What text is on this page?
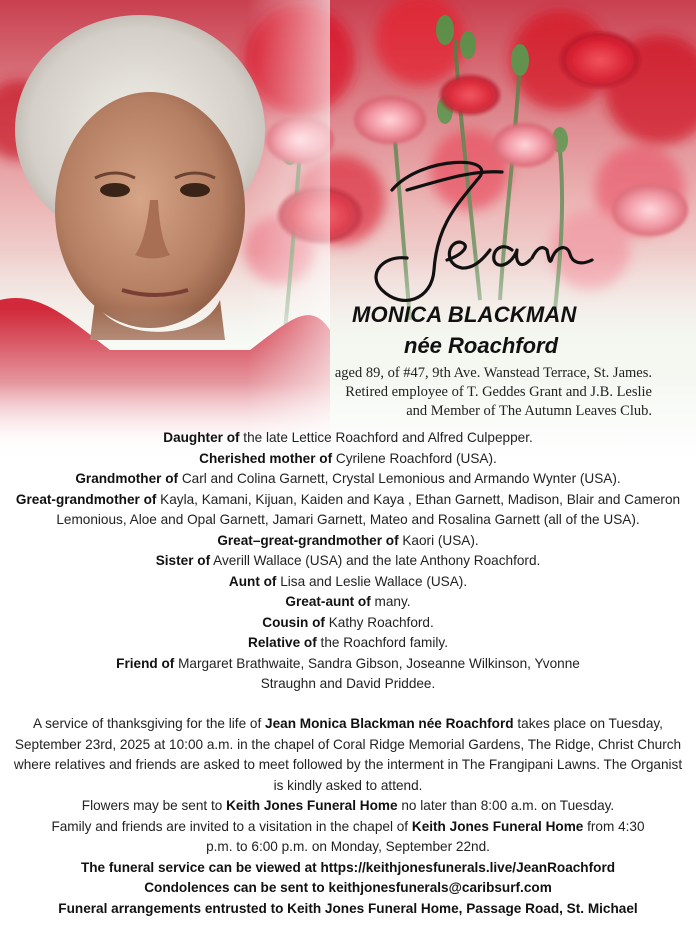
MONICA BLACKMAN
née Roachford
aged 89, of #47, 9th Ave. Wanstead Terrace, St. James.
Retired employee of T. Geddes Grant and J.B. Leslie
and Member of The Autumn Leaves Club.

Daughter of the late Lettice Roachford and Alfred Culpepper.

Cherished mother of Cyrilene Roachford (USA).

Grandmother of Carl and Colina Garnett, Crystal Lemonious and Armando Wynter (USA).

Great-grandmother of Kayla, Kamani, Kijuan, Kaiden and Kaya , Ethan Garnett, Madison, Blair and Cameron Lemonious, Aloe and Opal Garnett, Jamari Garnett, Mateo and Rosalina Garnett (all of the USA).

Great–great-grandmother of Kaori (USA).

Sister of Averill Wallace (USA) and the late Anthony Roachford.

Aunt of Lisa and Leslie Wallace (USA).

Great-aunt of many.

Cousin of Kathy Roachford.

Relative of the Roachford family.

Friend of Margaret Brathwaite, Sandra Gibson, Joseanne Wilkinson, Yvonne Straughn and David Priddee.

A service of thanksgiving for the life of Jean Monica Blackman née Roachford takes place on Tuesday, September 23rd, 2025 at 10:00 a.m. in the chapel of Coral Ridge Memorial Gardens, The Ridge, Christ Church where relatives and friends are asked to meet followed by the interment in The Frangipani Lawns. The Organist is kindly asked to attend.

Flowers may be sent to Keith Jones Funeral Home no later than 8:00 a.m. on Tuesday.

Family and friends are invited to a visitation in the chapel of Keith Jones Funeral Home from 4:30 p.m. to 6:00 p.m. on Monday, September 22nd.

The funeral service can be viewed at https://keithjonesfunerals.live/JeanRoachford

Condolences can be sent to keithjonesfunerals@caribsurf.com

Funeral arrangements entrusted to Keith Jones Funeral Home, Passage Road, St. Michael
